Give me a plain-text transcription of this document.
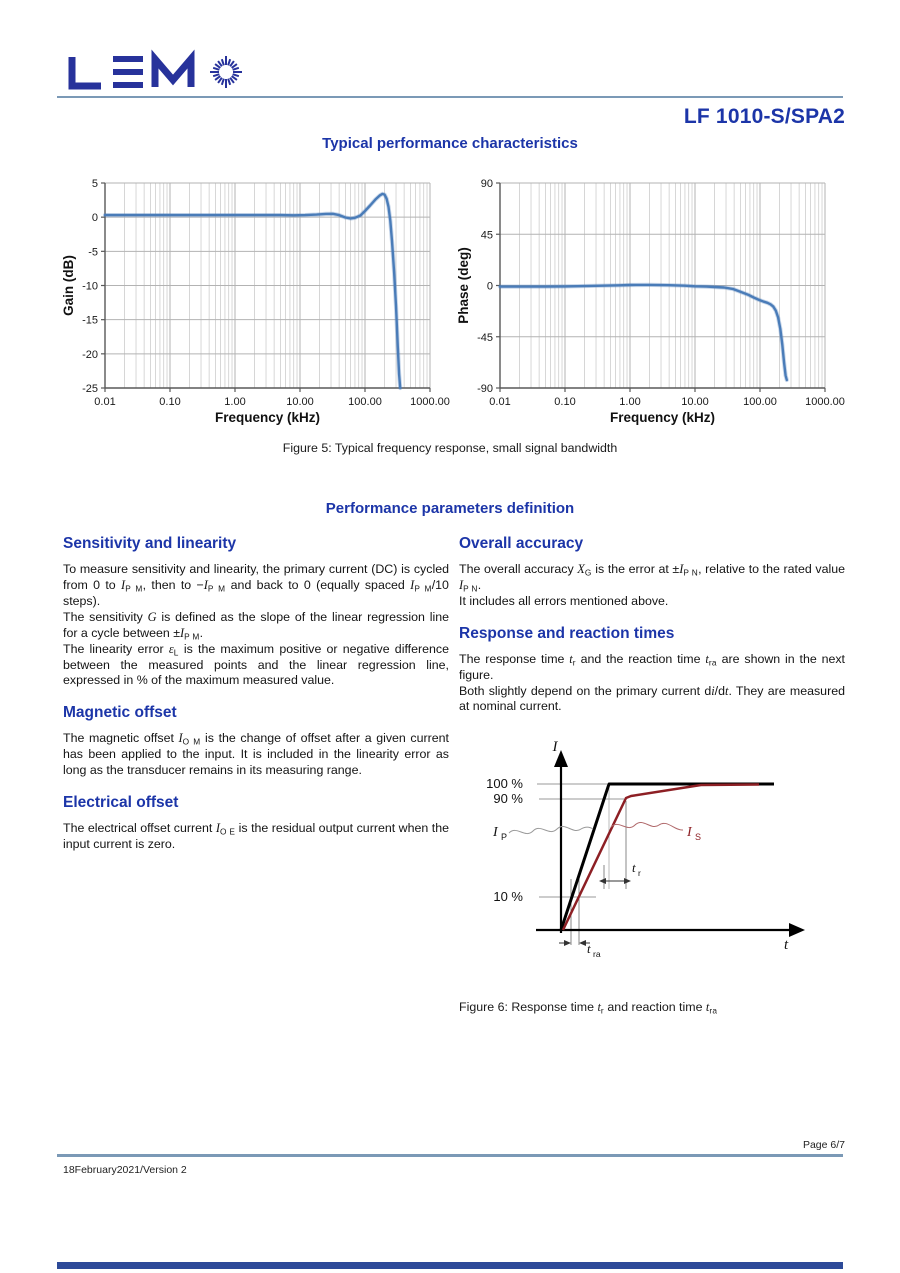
LF 1010-S/SPA2
Typical performance characteristics
5
0
-5
-10
-15
-20
-25
0.01	0.10	1.00	10.00	100.00	1000.00
Frequency (kHz)
Gain (dB)
90
45
0
-45
-90
0.01	0.10	1.00	10.00	100.00	1000.00
Frequency (kHz)
Phase (deg)
Figure 5: Typical frequency response, small signal bandwidth
Performance parameters definition
Sensitivity and linearity

To measure sensitivity and linearity, the primary current (DC) is cycled from 0 to $I_{P M}$, then to $-I_{P M}$ and back to 0 (equally spaced $I_{P M}/10$ steps).

The sensitivity G is defined as the slope of the linear regression line for a cycle between $\pm I_{P M}$.

The linearity error $\varepsilon_L$ is the maximum positive or negative difference between the measured points and the linear regression line, expressed in % of the maximum measured value.

Magnetic offset

The magnetic offset $I_{O M}$ is the change of offset after a given current has been applied to the input. It is included in the linearity error as long as the transducer remains in its measuring range.

Electrical offset

The electrical offset current $I_{O E}$ is the residual output current when the input current is zero.

Overall accuracy

The overall accuracy $X_G$ is the error at $\pm I_{P N}$, relative to the rated value $I_{P N}$.

It includes all errors mentioned above.

Response and reaction times

The response time $t_r$ and the reaction time $t_{ra}$ are shown in the next figure.

Both slightly depend on the primary current di/dt. They are measured at nominal current.

I
t
100 %
90 %
10 %
I P	I S
t r
t ra
Figure 6: Response time $t_r$ and reaction time $t_{ra}$
Page 6/7
18February2021/Version 2
